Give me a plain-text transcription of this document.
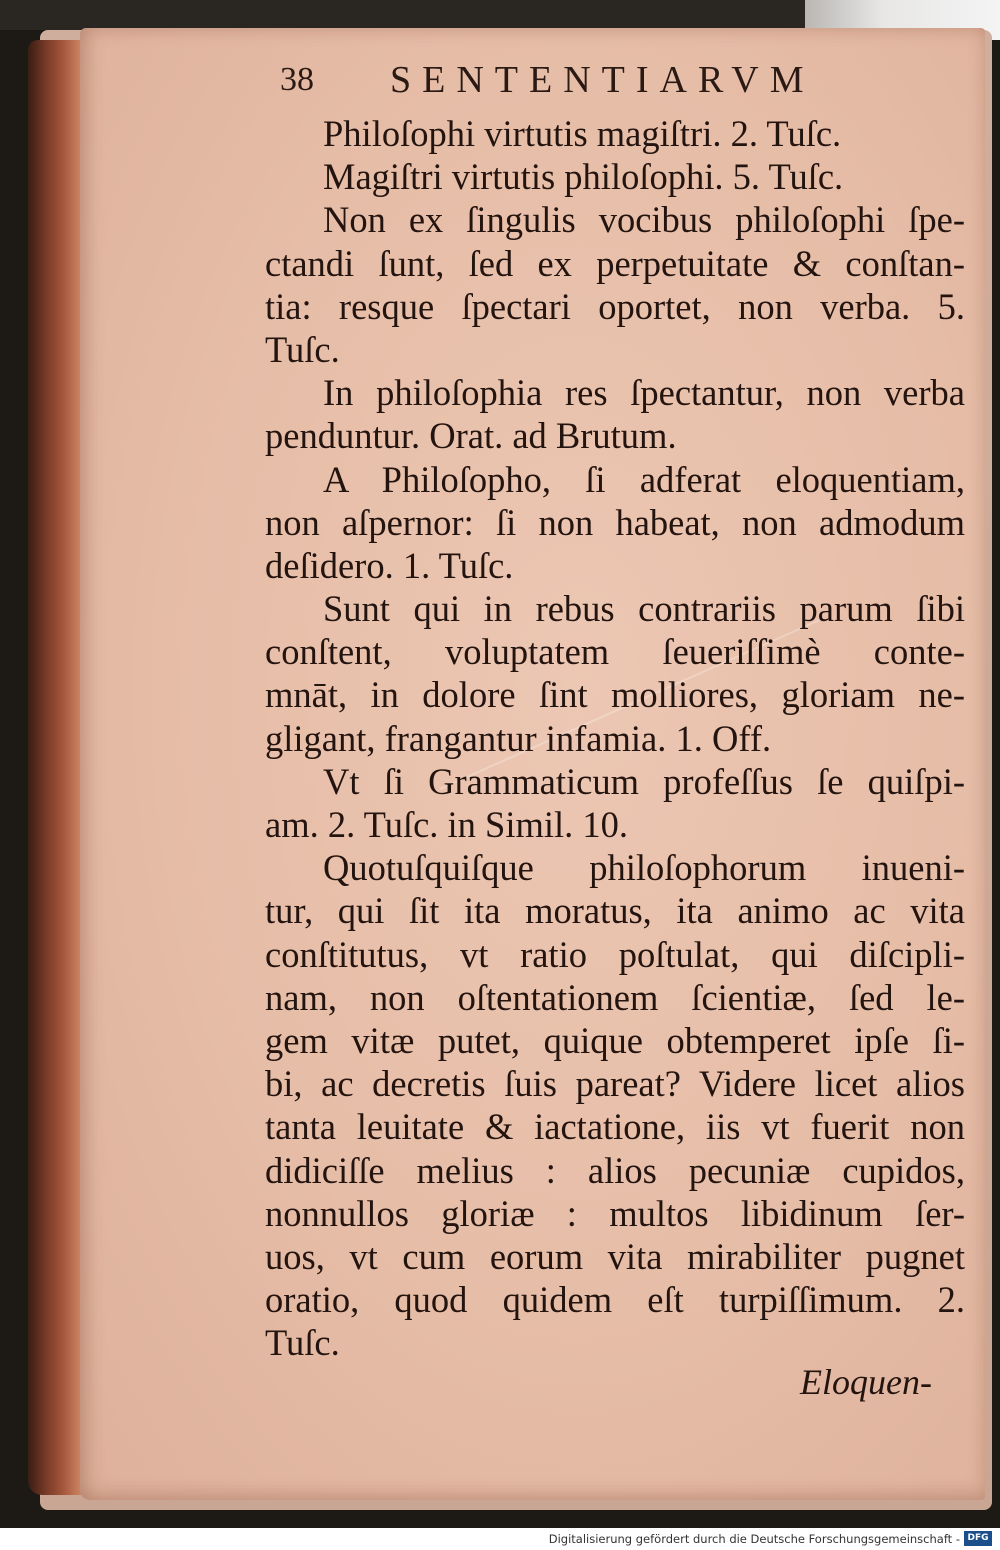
38 SENTENTIARVM
Philoſophi virtutis magiſtri. 2. Tuſc.
Magiſtri virtutis philoſophi. 5. Tuſc.
Non ex ſingulis vocibus philoſophi ſpe-
ctandi ſunt, ſed ex perpetuitate & conſtan-
tia: resque ſpectari oportet, non verba. 5.
Tuſc.
In philoſophia res ſpectantur, non verba
penduntur. Orat. ad Brutum.
A Philoſopho, ſi adferat eloquentiam,
non aſpernor: ſi non habeat, non admodum
deſidero. 1. Tuſc.
Sunt qui in rebus contrariis parum ſibi
conſtent, voluptatem ſeueriſſimè conte-
mnāt, in dolore ſint molliores, gloriam ne-
gligant, frangantur infamia. 1. Off.
Vt ſi Grammaticum profeſſus ſe quiſpi-
am. 2. Tuſc. in Simil. 10.
Quotuſquiſque philoſophorum inueni-
tur, qui ſit ita moratus, ita animo ac vita
conſtitutus, vt ratio poſtulat, qui diſcipli-
nam, non oſtentationem ſcientiæ, ſed le-
gem vitæ putet, quique obtemperet ipſe ſi-
bi, ac decretis ſuis pareat? Videre licet alios
tanta leuitate & iactatione, iis vt fuerit non
didiciſſe melius : alios pecuniæ cupidos,
nonnullos gloriæ : multos libidinum ſer-
uos, vt cum eorum vita mirabiliter pugnet
oratio, quod quidem eſt turpiſſimum. 2.
Tuſc.
Eloquen-
Digitalisierung gefördert durch die Deutsche Forschungsgemeinschaft - DFG
